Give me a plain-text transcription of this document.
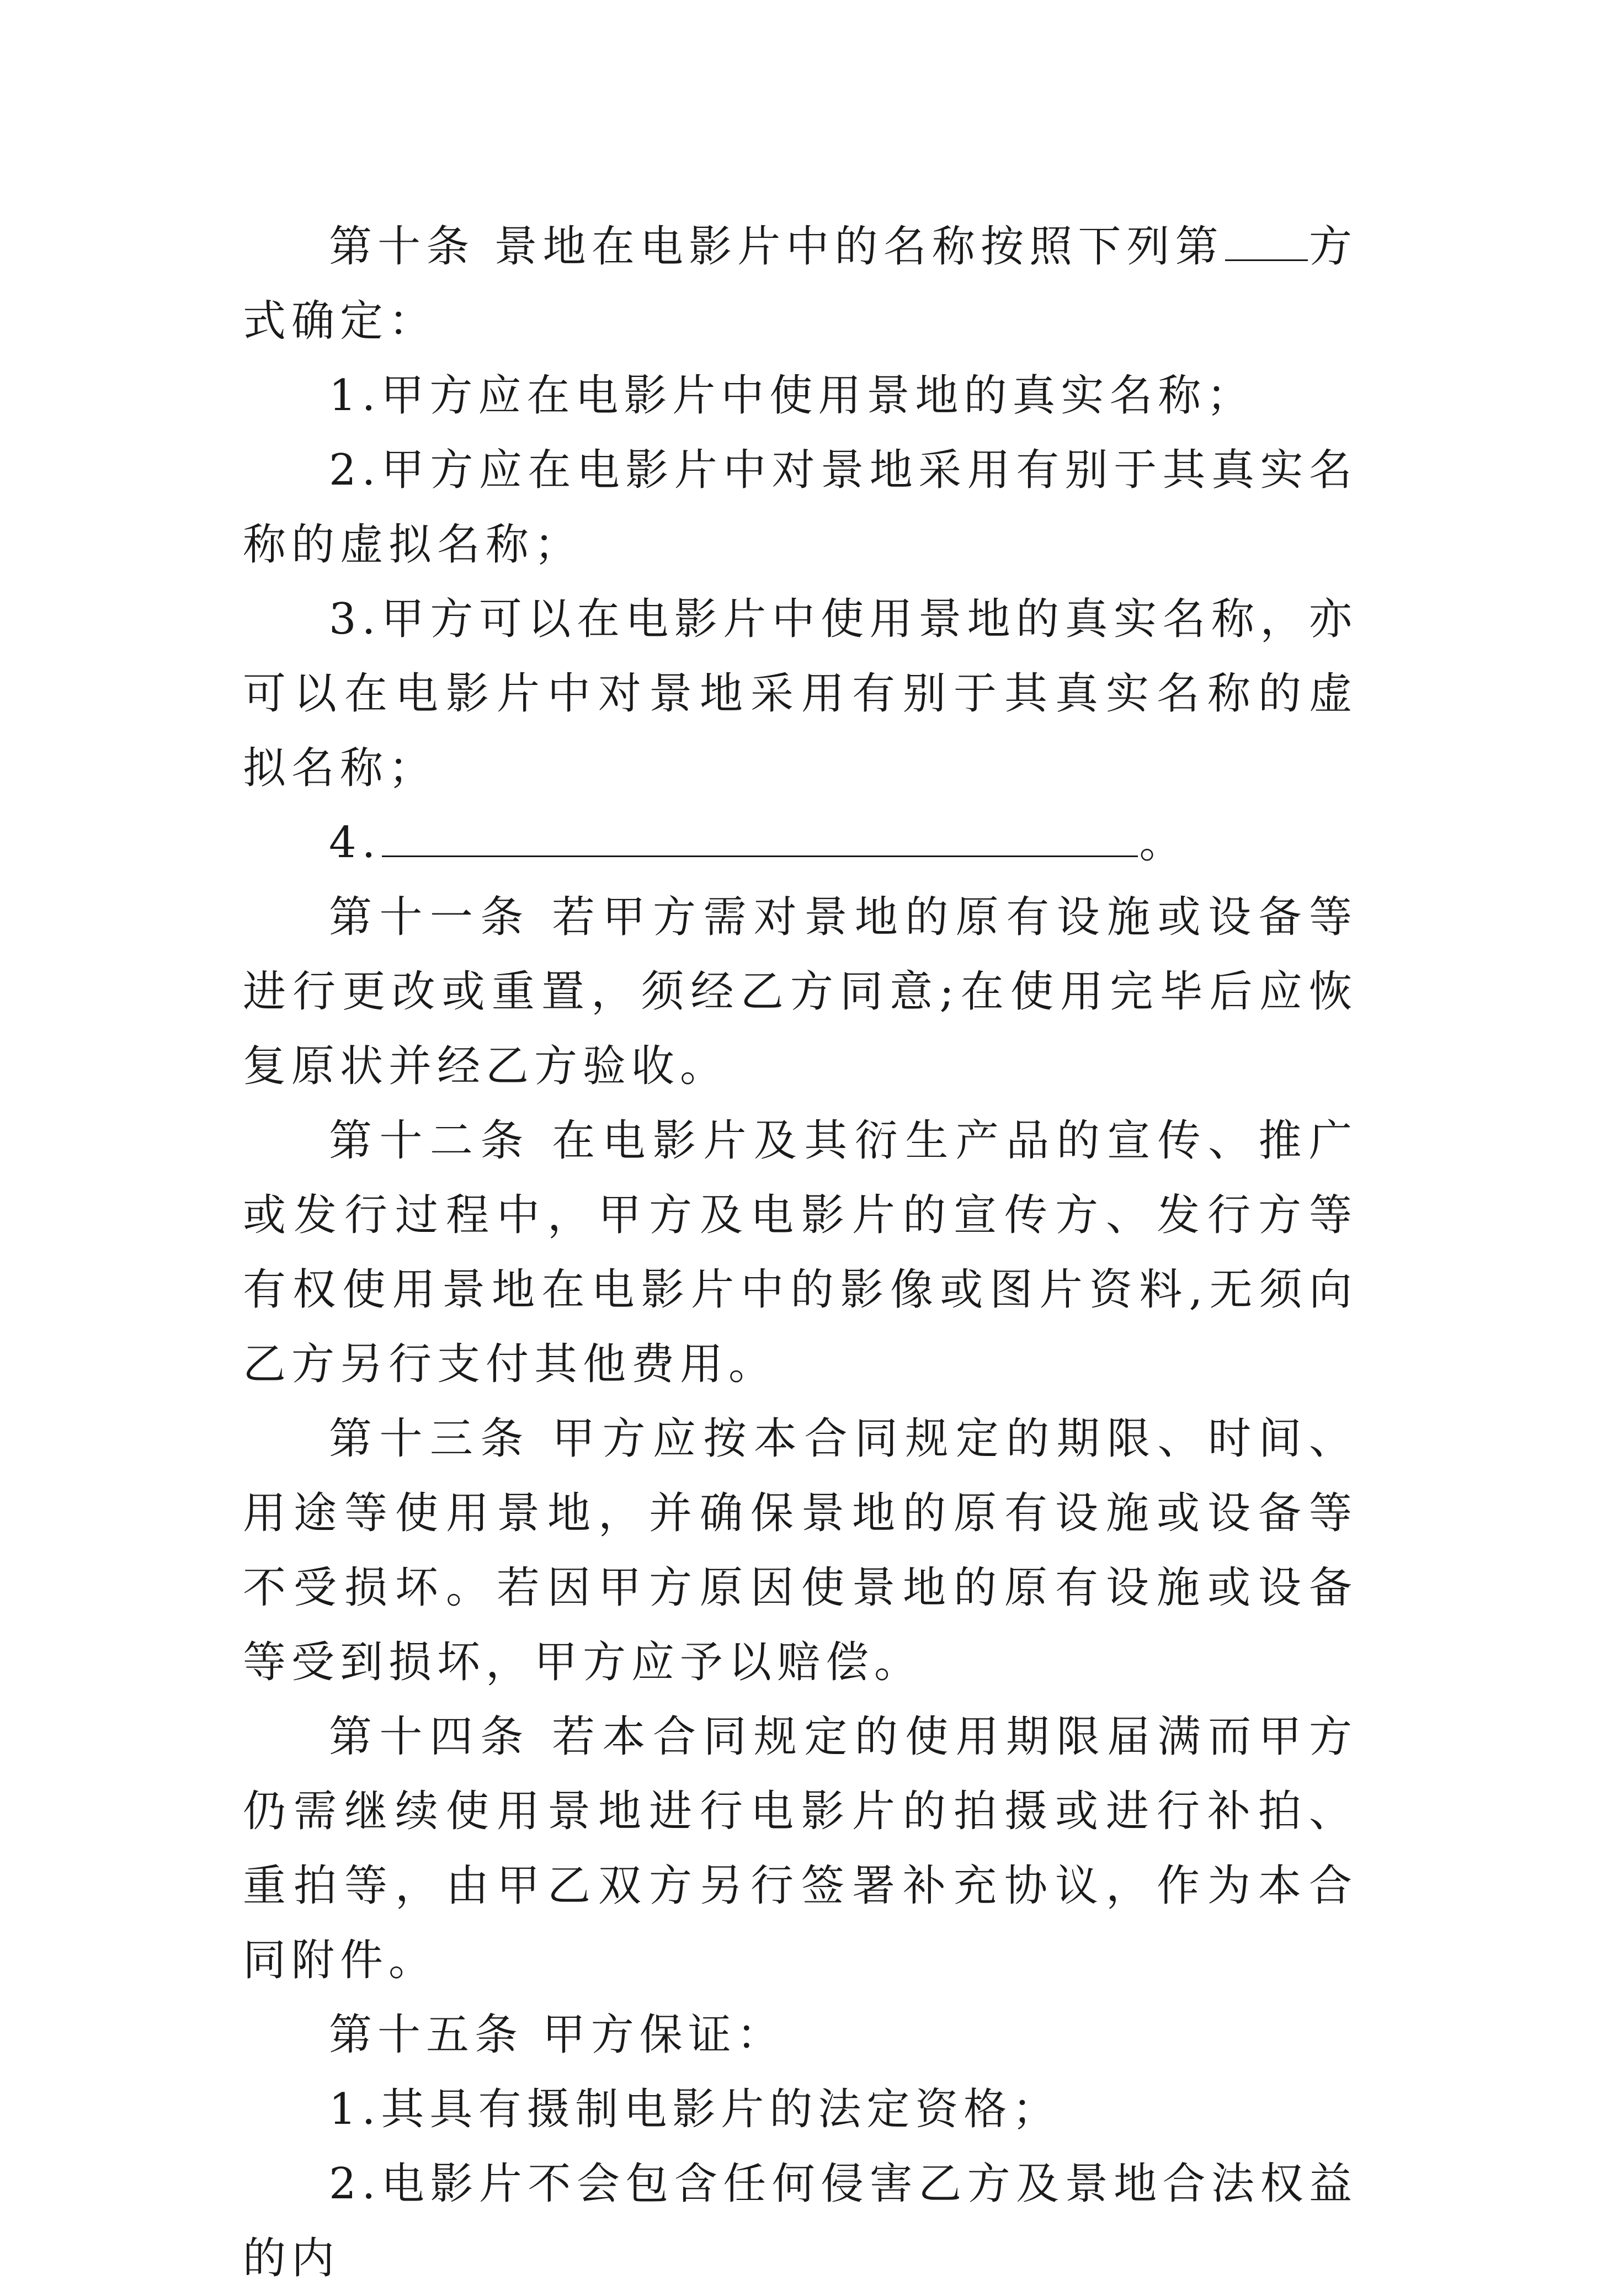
第十条 景地在电影片中的名称按照下列第 方式确定：

1.甲方应在电影片中使用景地的真实名称；

2.甲方应在电影片中对景地采用有别于其真实名称的虚拟名称；

3.甲方可以在电影片中使用景地的真实名称，亦可以在电影片中对景地采用有别于其真实名称的虚拟名称；

4.	。

第十一条 若甲方需对景地的原有设施或设备等进行更改或重置，须经乙方同意;在使用完毕后应恢复原状并经乙方验收。

第十二条 在电影片及其衍生产品的宣传、推广或发行过程中，甲方及电影片的宣传方、发行方等有权使用景地在电影片中的影像或图片资料,无须向乙方另行支付其他费用。

第十三条 甲方应按本合同规定的期限、时间、用途等使用景地，并确保景地的原有设施或设备等不受损坏。若因甲方原因使景地的原有设施或设备等受到损坏，甲方应予以赔偿。

第十四条 若本合同规定的使用期限届满而甲方仍需继续使用景地进行电影片的拍摄或进行补拍、重拍等，由甲乙双方另行签署补充协议，作为本合同附件。

第十五条 甲方保证：

1.其具有摄制电影片的法定资格；

2.电影片不会包含任何侵害乙方及景地合法权益的内
